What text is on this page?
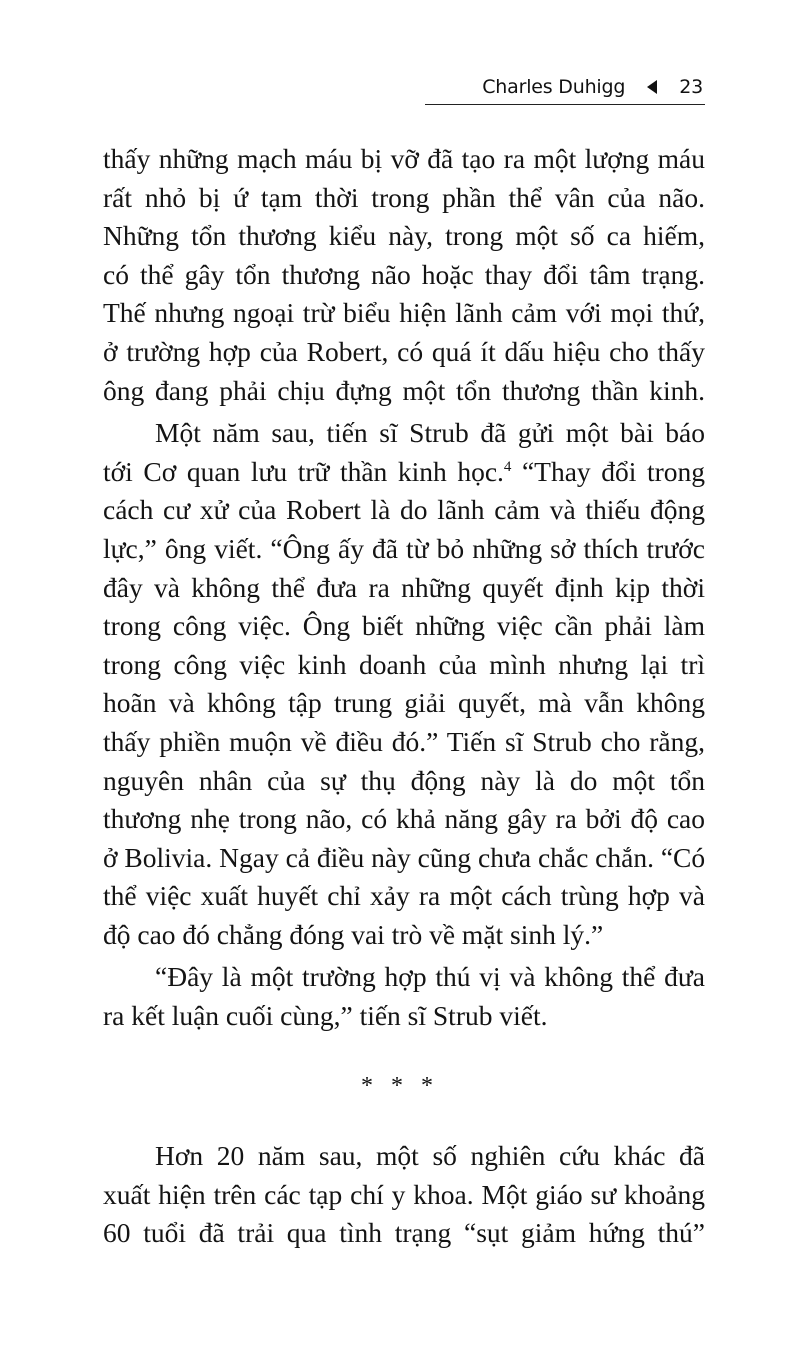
Charles Duhigg	23
thấy những mạch máu bị vỡ đã tạo ra một lượng máu
rất nhỏ bị ứ tạm thời trong phần thể vân của não.
Những tổn thương kiểu này, trong một số ca hiếm,
có thể gây tổn thương não hoặc thay đổi tâm trạng.
Thế nhưng ngoại trừ biểu hiện lãnh cảm với mọi thứ,
ở trường hợp của Robert, có quá ít dấu hiệu cho thấy
ông đang phải chịu đựng một tổn thương thần kinh.
Một năm sau, tiến sĩ Strub đã gửi một bài báo
tới Cơ quan lưu trữ thần kinh học.$^4$ “Thay đổi trong
cách cư xử của Robert là do lãnh cảm và thiếu động
lực,” ông viết. “Ông ấy đã từ bỏ những sở thích trước
đây và không thể đưa ra những quyết định kịp thời
trong công việc. Ông biết những việc cần phải làm
trong công việc kinh doanh của mình nhưng lại trì
hoãn và không tập trung giải quyết, mà vẫn không
thấy phiền muộn về điều đó.” Tiến sĩ Strub cho rằng,
nguyên nhân của sự thụ động này là do một tổn
thương nhẹ trong não, có khả năng gây ra bởi độ cao
ở Bolivia. Ngay cả điều này cũng chưa chắc chắn. “Có
thể việc xuất huyết chỉ xảy ra một cách trùng hợp và
độ cao đó chẳng đóng vai trò về mặt sinh lý.”
“Đây là một trường hợp thú vị và không thể đưa
ra kết luận cuối cùng,” tiến sĩ Strub viết.
* * *
Hơn 20 năm sau, một số nghiên cứu khác đã
xuất hiện trên các tạp chí y khoa. Một giáo sư khoảng
60 tuổi đã trải qua tình trạng “sụt giảm hứng thú”
